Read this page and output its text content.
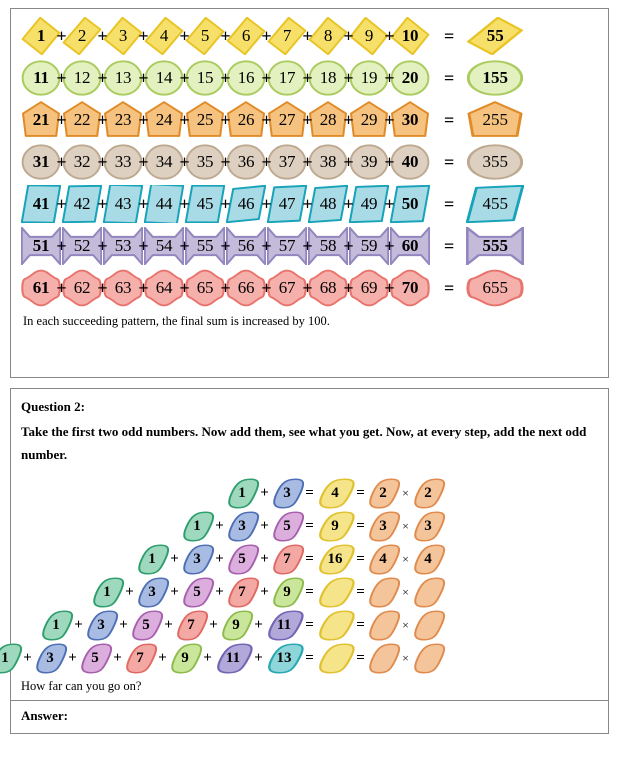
1 + 2 + 3 + 4 + 5 + 6 + 7 + 8 + 9 + 10	=	55
11 + 12 + 13 + 14 + 15 + 16 + 17 + 18 + 19 + 20	=	155
21 + 22 + 23 + 24 + 25 + 26 + 27 + 28 + 29 + 30	=	255
31 + 32 + 33 + 34 + 35 + 36 + 37 + 38 + 39 + 40	=	355
41 + 42 + 43 + 44 + 45 + 46 + 47 + 48 + 49 + 50	=	455
51 + 52 + 53 + 54 + 55 + 56 + 57 + 58 + 59 + 60	=	555
61 + 62 + 63 + 64 + 65 + 66 + 67 + 68 + 69 + 70	=	655
In each succeeding pattern, the final sum is increased by 100.
Question 2:
Take the first two odd numbers. Now add them, see what you get. Now, at every step, add the next odd number.
1 + 3 = 4 = 2 × 2
1 + 3 + 5 = 9 = 3 × 3
1 + 3 + 5 + 7 = 16 = 4 × 4
1 + 3 + 5 + 7 + 9 =	=	×
1 + 3 + 5 + 7 + 9 + 11 =	=	×
1 + 3 + 5 + 7 + 9 + 11 + 13 =	=	×
How far can you go on?
Answer:
